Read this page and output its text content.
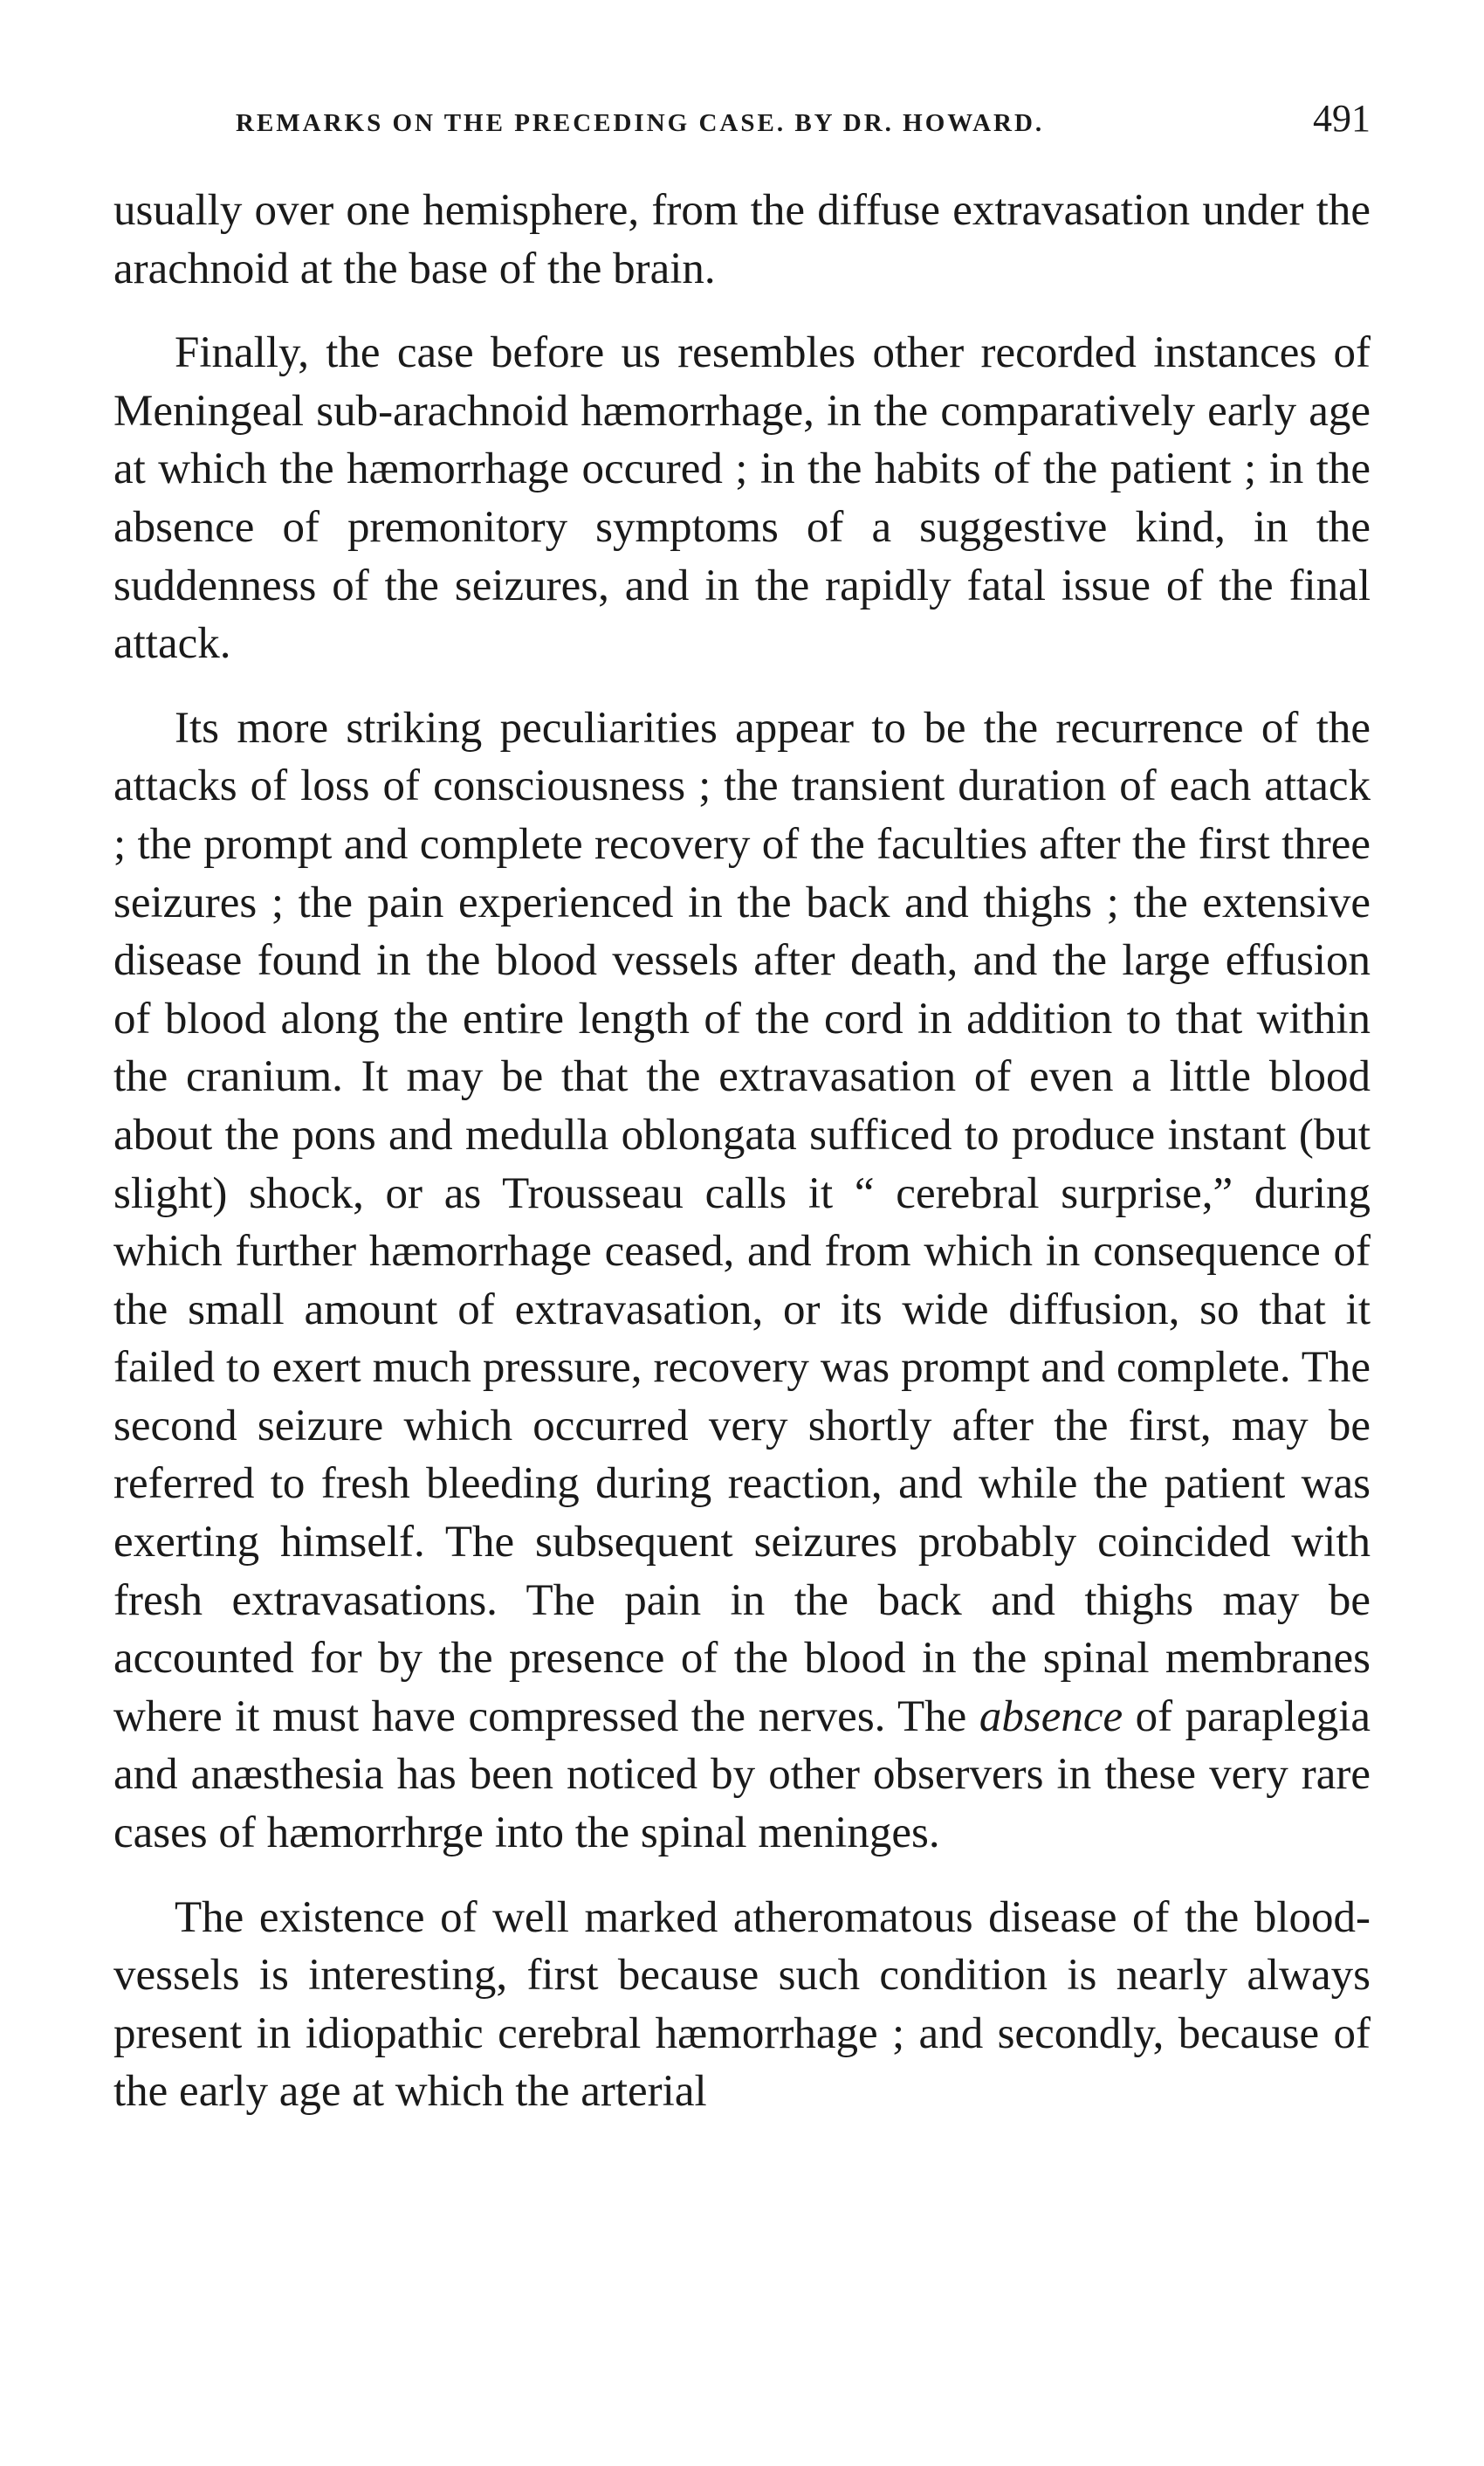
REMARKS ON THE PRECEDING CASE. BY DR. HOWARD.	491

usually over one hemisphere, from the diffuse extravasation under the arachnoid at the base of the brain.

Finally, the case before us resembles other recorded instances of Meningeal sub-arachnoid hæmorrhage, in the comparatively early age at which the hæmorrhage occured ; in the habits of the patient ; in the absence of premonitory symptoms of a suggestive kind, in the suddenness of the seizures, and in the rapidly fatal issue of the final attack.

Its more striking peculiarities appear to be the recurrence of the attacks of loss of consciousness ; the transient duration of each attack ; the prompt and complete recovery of the faculties after the first three seizures ; the pain experienced in the back and thighs ; the extensive disease found in the blood vessels after death, and the large effusion of blood along the entire length of the cord in addition to that within the cranium. It may be that the extravasation of even a little blood about the pons and medulla oblongata sufficed to produce instant (but slight) shock, or as Trousseau calls it “ cerebral surprise,” during which further hæmorrhage ceased, and from which in consequence of the small amount of extravasation, or its wide diffusion, so that it failed to exert much pressure, recovery was prompt and complete. The second seizure which occurred very shortly after the first, may be referred to fresh bleeding during reaction, and while the patient was exerting himself. The subsequent seizures probably coincided with fresh extravasations. The pain in the back and thighs may be accounted for by the presence of the blood in the spinal membranes where it must have compressed the nerves. The absence of paraplegia and anæsthesia has been noticed by other observers in these very rare cases of hæmorrhrge into the spinal meninges.

The existence of well marked atheromatous disease of the blood-vessels is interesting, first because such condition is nearly always present in idiopathic cerebral hæmorrhage ; and secondly, because of the early age at which the arterial
